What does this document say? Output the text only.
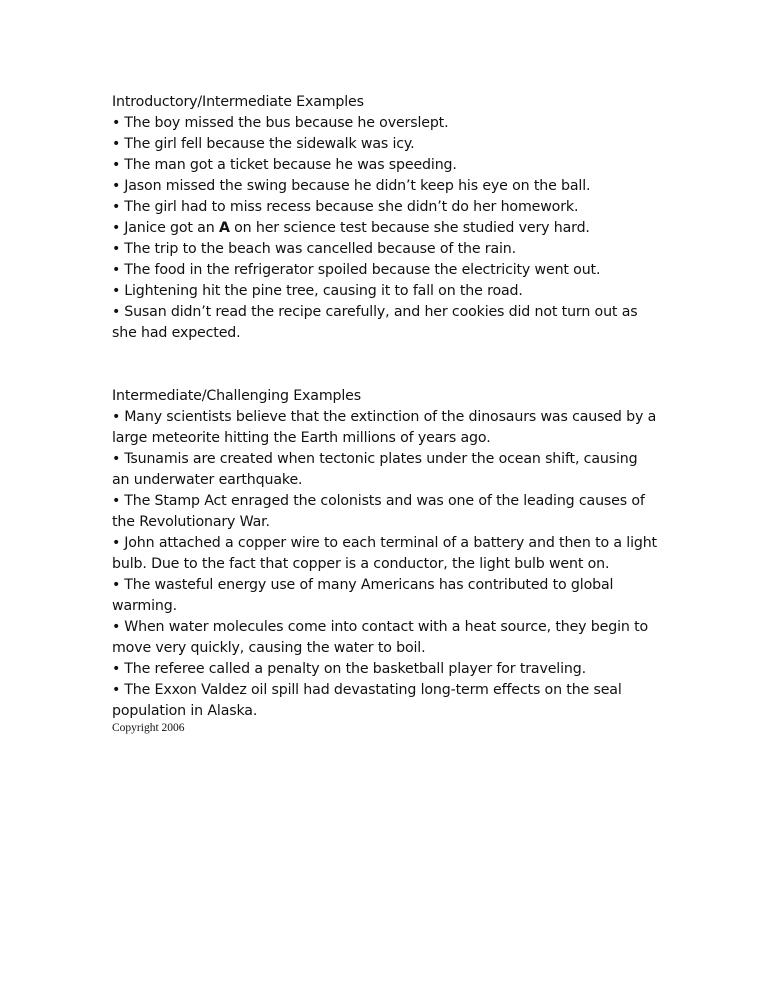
Introductory/Intermediate Examples
• The boy missed the bus because he overslept.
• The girl fell because the sidewalk was icy.
• The man got a ticket because he was speeding.
• Jason missed the swing because he didn’t keep his eye on the ball.
• The girl had to miss recess because she didn’t do her homework.
• Janice got an A on her science test because she studied very hard.
• The trip to the beach was cancelled because of the rain.
• The food in the refrigerator spoiled because the electricity went out.
• Lightening hit the pine tree, causing it to fall on the road.
• Susan didn’t read the recipe carefully, and her cookies did not turn out as she had expected.
Intermediate/Challenging Examples
• Many scientists believe that the extinction of the dinosaurs was caused by a large meteorite hitting the Earth millions of years ago.
• Tsunamis are created when tectonic plates under the ocean shift, causing an underwater earthquake.
• The Stamp Act enraged the colonists and was one of the leading causes of the Revolutionary War.
• John attached a copper wire to each terminal of a battery and then to a light bulb. Due to the fact that copper is a conductor, the light bulb went on.
• The wasteful energy use of many Americans has contributed to global warming.
• When water molecules come into contact with a heat source, they begin to move very quickly, causing the water to boil.
• The referee called a penalty on the basketball player for traveling.
• The Exxon Valdez oil spill had devastating long-term effects on the seal population in Alaska.
Copyright 2006
